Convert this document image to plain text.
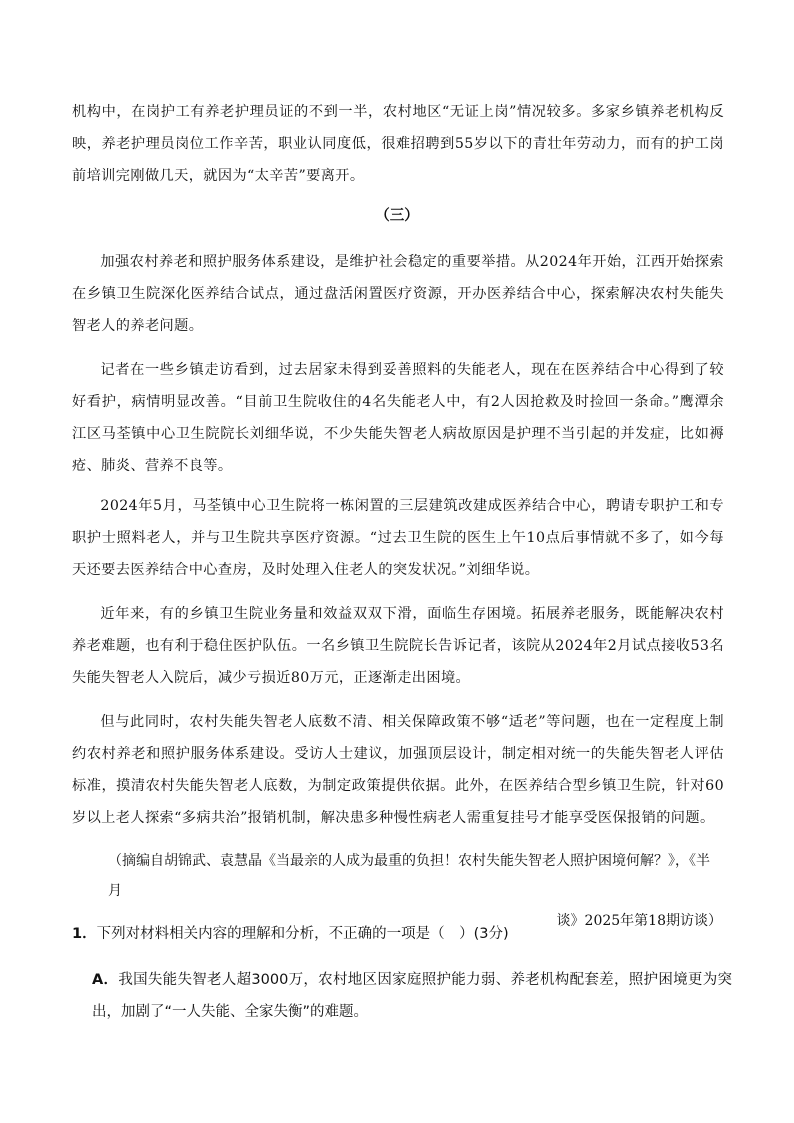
机构中，在岗护工有养老护理员证的不到一半，农村地区“无证上岗”情况较多。多家乡镇养老机构反映，养老护理员岗位工作辛苦，职业认同度低，很难招聘到55岁以下的青壮年劳动力，而有的护工岗前培训完刚做几天，就因为“太辛苦”要离开。
（三）
加强农村养老和照护服务体系建设，是维护社会稳定的重要举措。从2024年开始，江西开始探索在乡镇卫生院深化医养结合试点，通过盘活闲置医疗资源，开办医养结合中心，探索解决农村失能失智老人的养老问题。
记者在一些乡镇走访看到，过去居家未得到妥善照料的失能老人，现在在医养结合中心得到了较好看护，病情明显改善。“目前卫生院收住的4名失能老人中，有2人因抢救及时捡回一条命。”鹰潭余江区马荃镇中心卫生院院长刘细华说，不少失能失智老人病故原因是护理不当引起的并发症，比如褥疮、肺炎、营养不良等。
2024年5月，马荃镇中心卫生院将一栋闲置的三层建筑改建成医养结合中心，聘请专职护工和专职护士照料老人，并与卫生院共享医疗资源。“过去卫生院的医生上午10点后事情就不多了，如今每天还要去医养结合中心查房，及时处理入住老人的突发状况。”刘细华说。
近年来，有的乡镇卫生院业务量和效益双双下滑，面临生存困境。拓展养老服务，既能解决农村养老难题，也有利于稳住医护队伍。一名乡镇卫生院院长告诉记者，该院从2024年2月试点接收53名失能失智老人入院后，减少亏损近80万元，正逐渐走出困境。
但与此同时，农村失能失智老人底数不清、相关保障政策不够“适老”等问题，也在一定程度上制约农村养老和照护服务体系建设。受访人士建议，加强顶层设计，制定相对统一的失能失智老人评估标准，摸清农村失能失智老人底数，为制定政策提供依据。此外，在医养结合型乡镇卫生院，针对60岁以上老人探索“多病共治”报销机制，解决患多种慢性病老人需重复挂号才能享受医保报销的问题。
（摘编自胡锦武、袁慧晶《当最亲的人成为最重的负担！农村失能失智老人照护困境何解？》，《半月
谈》2025年第18期访谈）
1．下列对材料相关内容的理解和分析，不正确的一项是（　）(3分)
A．我国失能失智老人超3000万，农村地区因家庭照护能力弱、养老机构配套差，照护困境更为突出，加剧了“一人失能、全家失衡”的难题。
